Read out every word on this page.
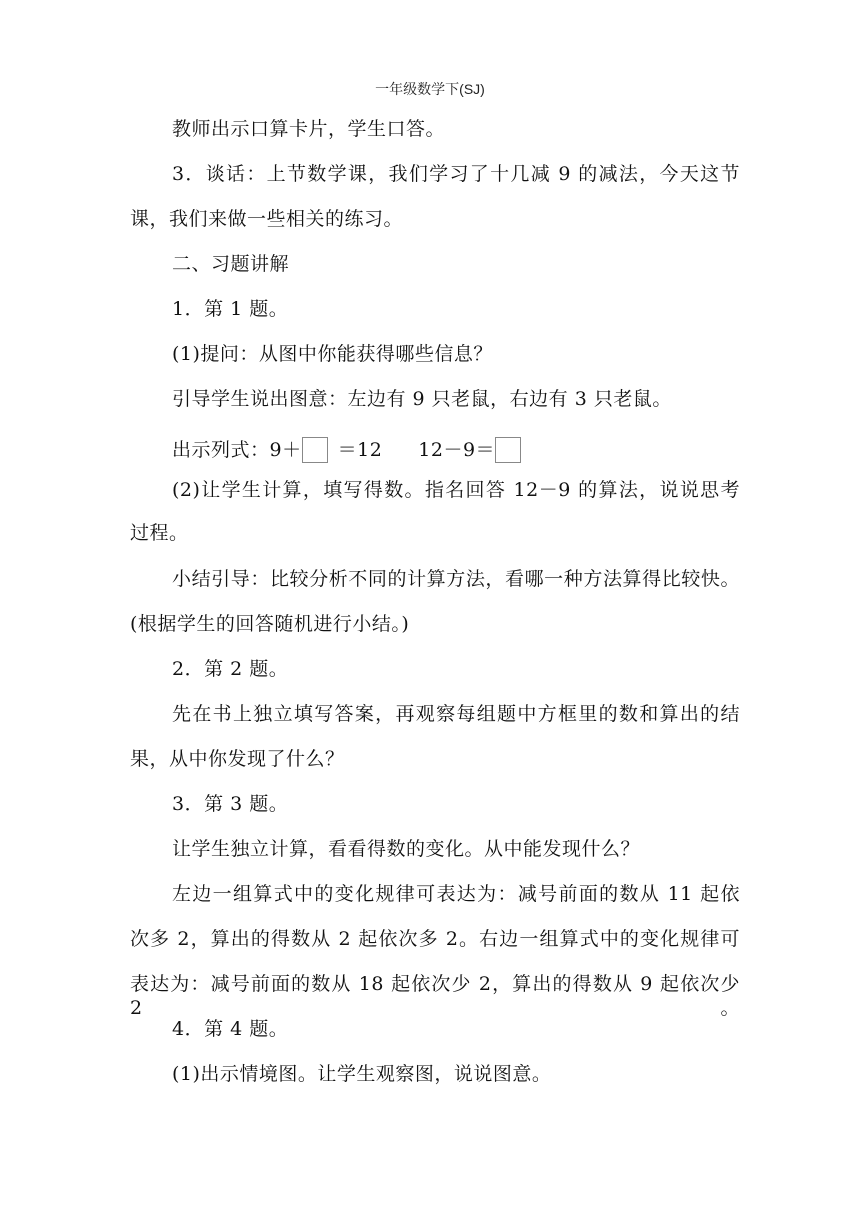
一年级数学下(SJ)
教师出示口算卡片，学生口答。
3．谈话：上节数学课，我们学习了十几减 9 的减法，今天这节
课，我们来做一些相关的练习。
二、习题讲解
1．第 1 题。
(1)提问：从图中你能获得哪些信息？
引导学生说出图意：左边有 9 只老鼠，右边有 3 只老鼠。
出示列式：9＋ ＝12 12－9＝
(2)让学生计算，填写得数。指名回答 12－9 的算法，说说思考
过程。
小结引导：比较分析不同的计算方法，看哪一种方法算得比较快。
(根据学生的回答随机进行小结。)
2．第 2 题。
先在书上独立填写答案，再观察每组题中方框里的数和算出的结
果，从中你发现了什么？
3．第 3 题。
让学生独立计算，看看得数的变化。从中能发现什么？
左边一组算式中的变化规律可表达为：减号前面的数从 11 起依
次多 2，算出的得数从 2 起依次多 2。右边一组算式中的变化规律可
表达为：减号前面的数从 18 起依次少 2，算出的得数从 9 起依次少 2。
4．第 4 题。
(1)出示情境图。让学生观察图，说说图意。
